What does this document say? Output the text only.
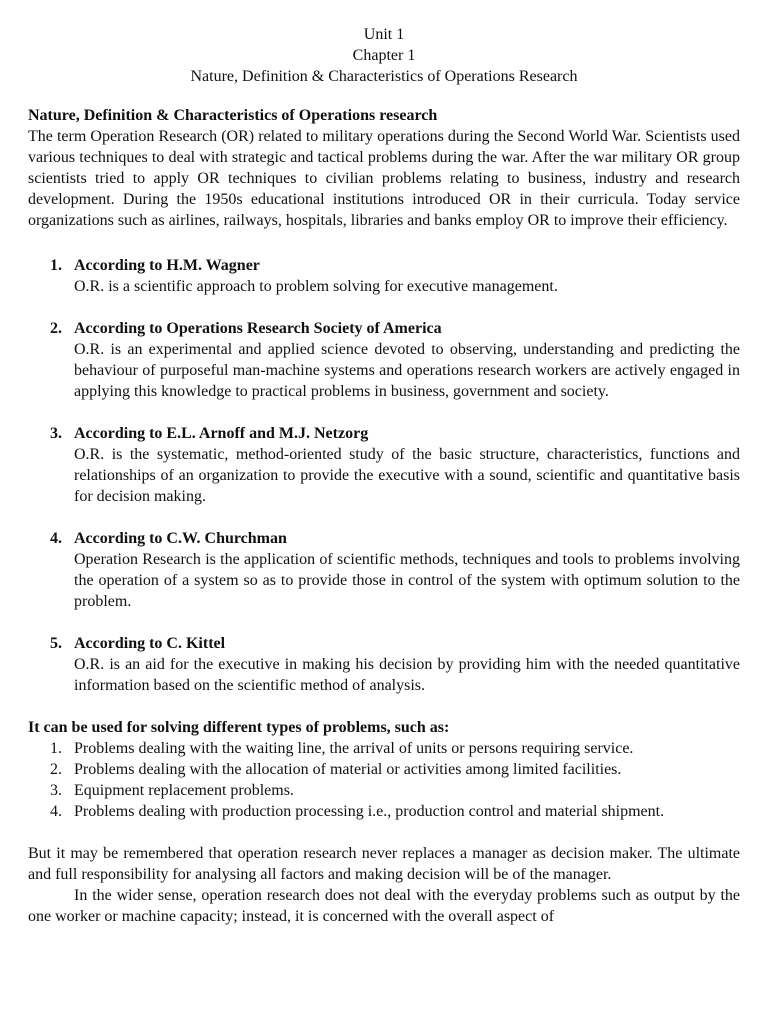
Unit 1
Chapter 1
Nature, Definition & Characteristics of Operations Research
Nature, Definition & Characteristics of Operations research

The term Operation Research (OR) related to military operations during the Second World War. Scientists used various techniques to deal with strategic and tactical problems during the war. After the war military OR group scientists tried to apply OR techniques to civilian problems relating to business, industry and research development. During the 1950s educational institutions introduced OR in their curricula. Today service organizations such as airlines, railways, hospitals, libraries and banks employ OR to improve their efficiency.

1. According to H.M. Wagner
O.R. is a scientific approach to problem solving for executive management.
2. According to Operations Research Society of America
O.R. is an experimental and applied science devoted to observing, understanding and predicting the behaviour of purposeful man-machine systems and operations research workers are actively engaged in applying this knowledge to practical problems in business, government and society.
3. According to E.L. Arnoff and M.J. Netzorg
O.R. is the systematic, method-oriented study of the basic structure, characteristics, functions and relationships of an organization to provide the executive with a sound, scientific and quantitative basis for decision making.
4. According to C.W. Churchman
Operation Research is the application of scientific methods, techniques and tools to problems involving the operation of a system so as to provide those in control of the system with optimum solution to the problem.
5. According to C. Kittel
O.R. is an aid for the executive in making his decision by providing him with the needed quantitative information based on the scientific method of analysis.
It can be used for solving different types of problems, such as:
1. Problems dealing with the waiting line, the arrival of units or persons requiring service.
2. Problems dealing with the allocation of material or activities among limited facilities.
3. Equipment replacement problems.
4. Problems dealing with production processing i.e., production control and material shipment.

But it may be remembered that operation research never replaces a manager as decision maker. The ultimate and full responsibility for analysing all factors and making decision will be of the manager.

In the wider sense, operation research does not deal with the everyday problems such as output by the one worker or machine capacity; instead, it is concerned with the overall aspect of
